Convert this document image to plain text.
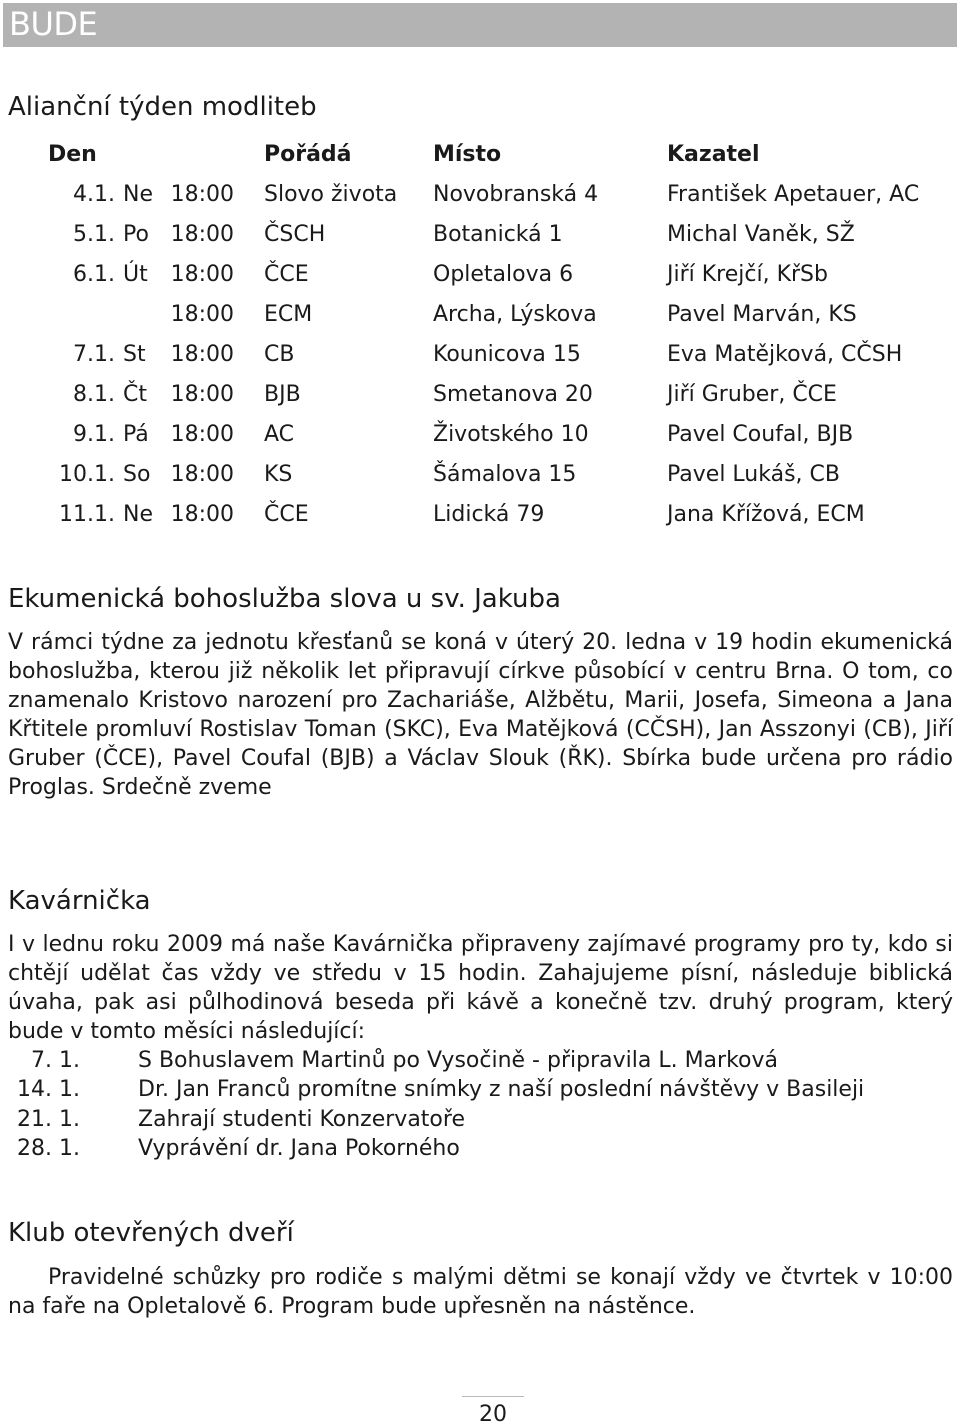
BUDE
Alianční týden modliteb
Den	Pořádá	Místo	Kazatel
4.1. Ne 18:00	Slovo života	Novobranská 4	František Apetauer, AC
5.1. Po 18:00	ČSCH	Botanická 1	Michal Vaněk, SŽ
6.1. Út 18:00	ČCE	Opletalova 6	Jiří Krejčí, KřSb
18:00	ECM	Archa, Lýskova	Pavel Marván, KS
7.1. St 18:00	CB	Kounicova 15	Eva Matějková, CČSH
8.1. Čt 18:00	BJB	Smetanova 20	Jiří Gruber, ČCE
9.1. Pá 18:00	AC	Životského 10	Pavel Coufal, BJB
10.1. So 18:00	KS	Šámalova 15	Pavel Lukáš, CB
11.1. Ne 18:00	ČCE	Lidická 79	Jana Křížová, ECM
Ekumenická bohoslužba slova u sv. Jakuba

V rámci týdne za jednotu křesťanů se koná v úterý 20. ledna v 19 hodin ekumenická bohoslužba, kterou již několik let připravují církve působící v centru Brna. O tom, co znamenalo Kristovo narození pro Zachariáše, Alžbětu, Marii, Josefa, Simeona a Jana Křtitele promluví Rostislav Toman (SKC), Eva Matějková (CČSH), Jan Asszonyi (CB), Jiří Gruber (ČCE), Pavel Coufal (BJB) a Václav Slouk (ŘK). Sbírka bude určena pro rádio Proglas. Srdečně zveme

Kavárnička

I v lednu roku 2009 má naše Kavárnička připraveny zajímavé programy pro ty, kdo si chtějí udělat čas vždy ve středu v 15 hodin. Zahajujeme písní, následuje biblická úvaha, pak asi půlhodinová beseda při kávě a konečně tzv. druhý program, který bude v tomto měsíci následující:

7. 1.	S Bohuslavem Martinů po Vysočině - připravila L. Marková
14. 1.	Dr. Jan Franců promítne snímky z naší poslední návštěvy v Basileji
21. 1.	Zahrají studenti Konzervatoře
28. 1.	Vyprávění dr. Jana Pokorného
Klub otevřených dveří

Pravidelné schůzky pro rodiče s malými dětmi se konají vždy ve čtvrtek v 10:00 na faře na Opletalově 6. Program bude upřesněn na nástěnce.

20
